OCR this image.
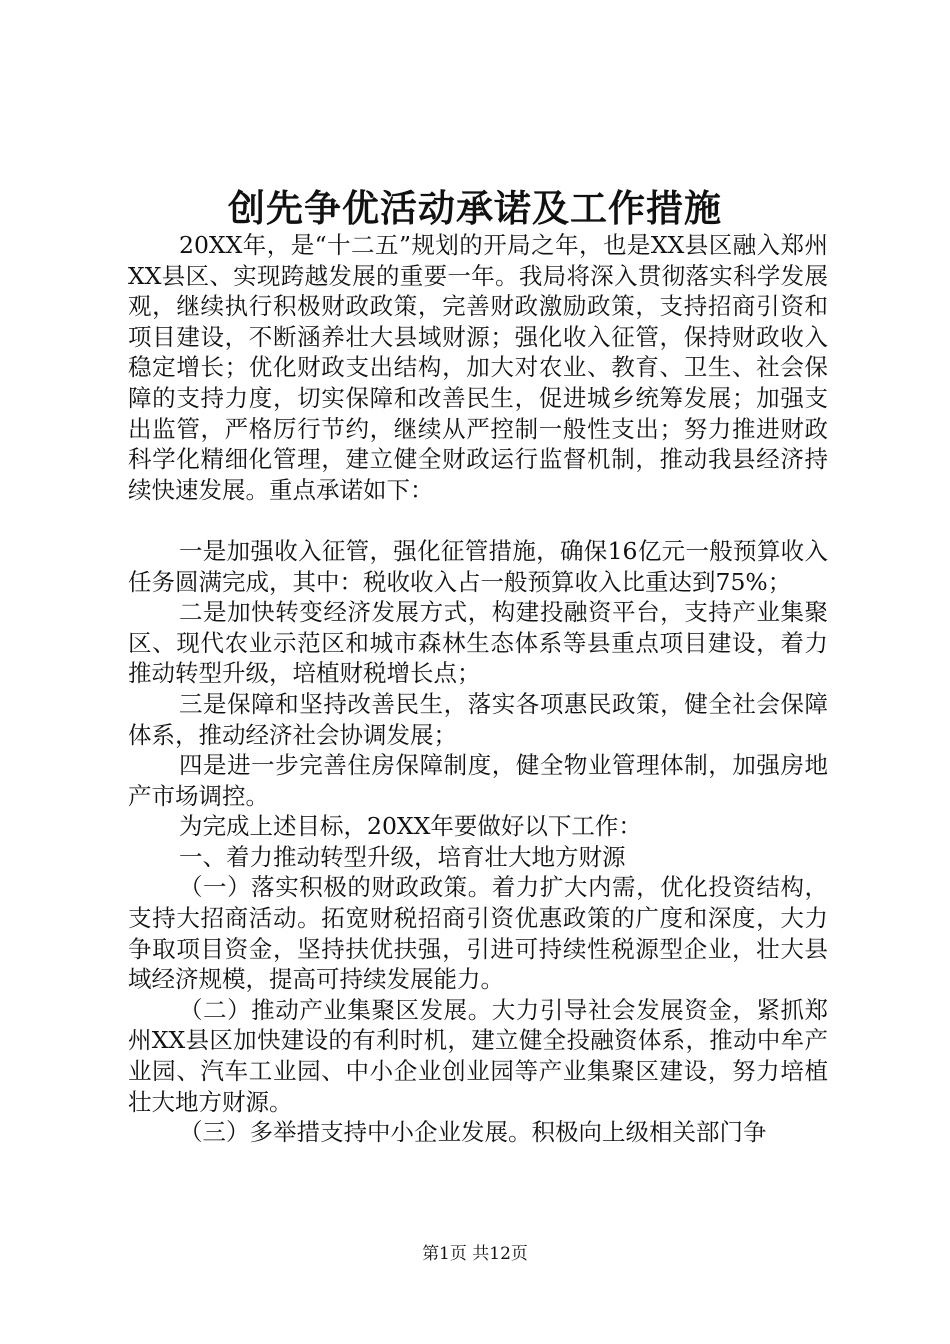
创先争优活动承诺及工作措施

20XX年，是“十二五”规划的开局之年，也是XX县区融入郑州XX县区、实现跨越发展的重要一年。我局将深入贯彻落实科学发展观，继续执行积极财政政策，完善财政激励政策，支持招商引资和项目建设，不断涵养壮大县域财源；强化收入征管，保持财政收入稳定增长；优化财政支出结构，加大对农业、教育、卫生、社会保障的支持力度，切实保障和改善民生，促进城乡统筹发展；加强支出监管，严格厉行节约，继续从严控制一般性支出；努力推进财政科学化精细化管理，建立健全财政运行监督机制，推动我县经济持续快速发展。重点承诺如下：

一是加强收入征管，强化征管措施，确保16亿元一般预算收入任务圆满完成，其中：税收收入占一般预算收入比重达到75%；

二是加快转变经济发展方式，构建投融资平台，支持产业集聚区、现代农业示范区和城市森林生态体系等县重点项目建设，着力推动转型升级，培植财税增长点；

三是保障和坚持改善民生，落实各项惠民政策，健全社会保障体系，推动经济社会协调发展；

四是进一步完善住房保障制度，健全物业管理体制，加强房地产市场调控。

为完成上述目标，20XX年要做好以下工作：

一、着力推动转型升级，培育壮大地方财源

（一）落实积极的财政政策。着力扩大内需，优化投资结构，支持大招商活动。拓宽财税招商引资优惠政策的广度和深度，大力争取项目资金，坚持扶优扶强，引进可持续性税源型企业，壮大县域经济规模，提高可持续发展能力。

（二）推动产业集聚区发展。大力引导社会发展资金，紧抓郑州XX县区加快建设的有利时机，建立健全投融资体系，推动中牟产业园、汽车工业园、中小企业创业园等产业集聚区建设，努力培植壮大地方财源。

（三）多举措支持中小企业发展。积极向上级相关部门争

第1页 共12页
